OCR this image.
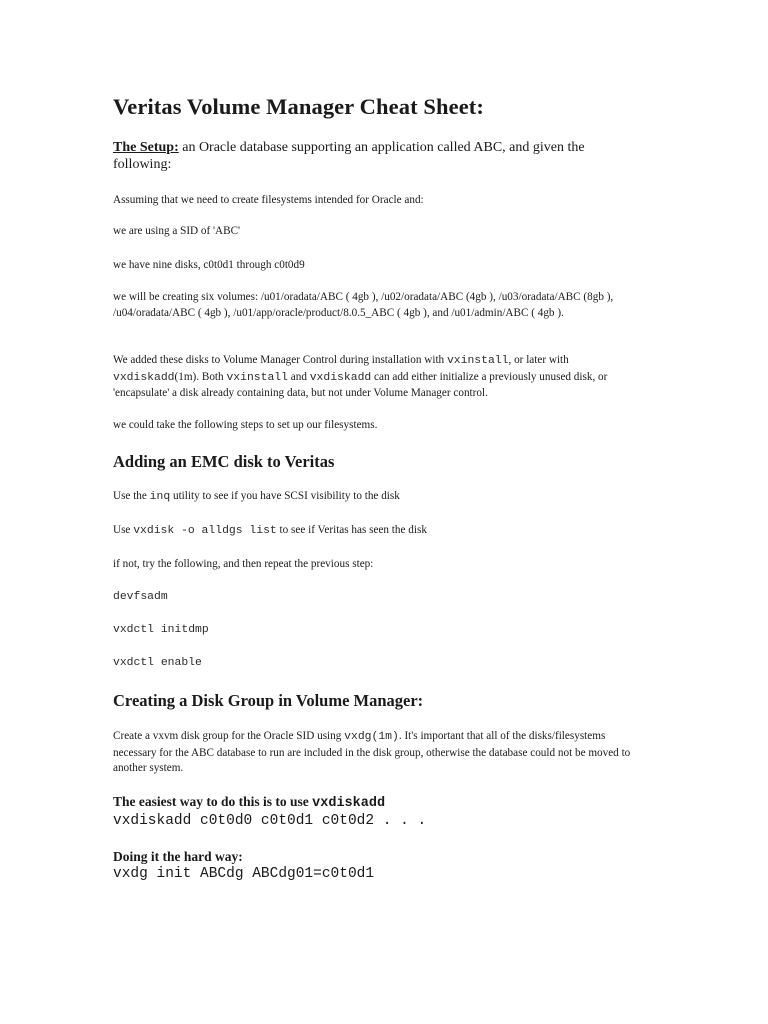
Veritas Volume Manager Cheat Sheet:

The Setup: an Oracle database supporting an application called ABC, and given the following:

Assuming that we need to create filesystems intended for Oracle and:

we are using a SID of 'ABC'

we have nine disks, c0t0d1 through c0t0d9

we will be creating six volumes: /u01/oradata/ABC ( 4gb ), /u02/oradata/ABC (4gb ), /u03/oradata/ABC (8gb ), /u04/oradata/ABC ( 4gb ), /u01/app/oracle/product/8.0.5_ABC ( 4gb ), and /u01/admin/ABC ( 4gb ).

We added these disks to Volume Manager Control during installation with vxinstall, or later with vxdiskadd(1m). Both vxinstall and vxdiskadd can add either initialize a previously unused disk, or 'encapsulate' a disk already containing data, but not under Volume Manager control.

we could take the following steps to set up our filesystems.

Adding an EMC disk to Veritas

Use the inq utility to see if you have SCSI visibility to the disk

Use vxdisk -o alldgs list to see if Veritas has seen the disk

if not, try the following, and then repeat the previous step:

devfsadm
vxdctl initdmp
vxdctl enable
Creating a Disk Group in Volume Manager:

Create a vxvm disk group for the Oracle SID using vxdg(1m). It's important that all of the disks/filesystems necessary for the ABC database to run are included in the disk group, otherwise the database could not be moved to another system.

The easiest way to do this is to use vxdiskadd
vxdiskadd c0t0d0 c0t0d1 c0t0d2 . . .
Doing it the hard way:
vxdg init ABCdg ABCdg01=c0t0d1
